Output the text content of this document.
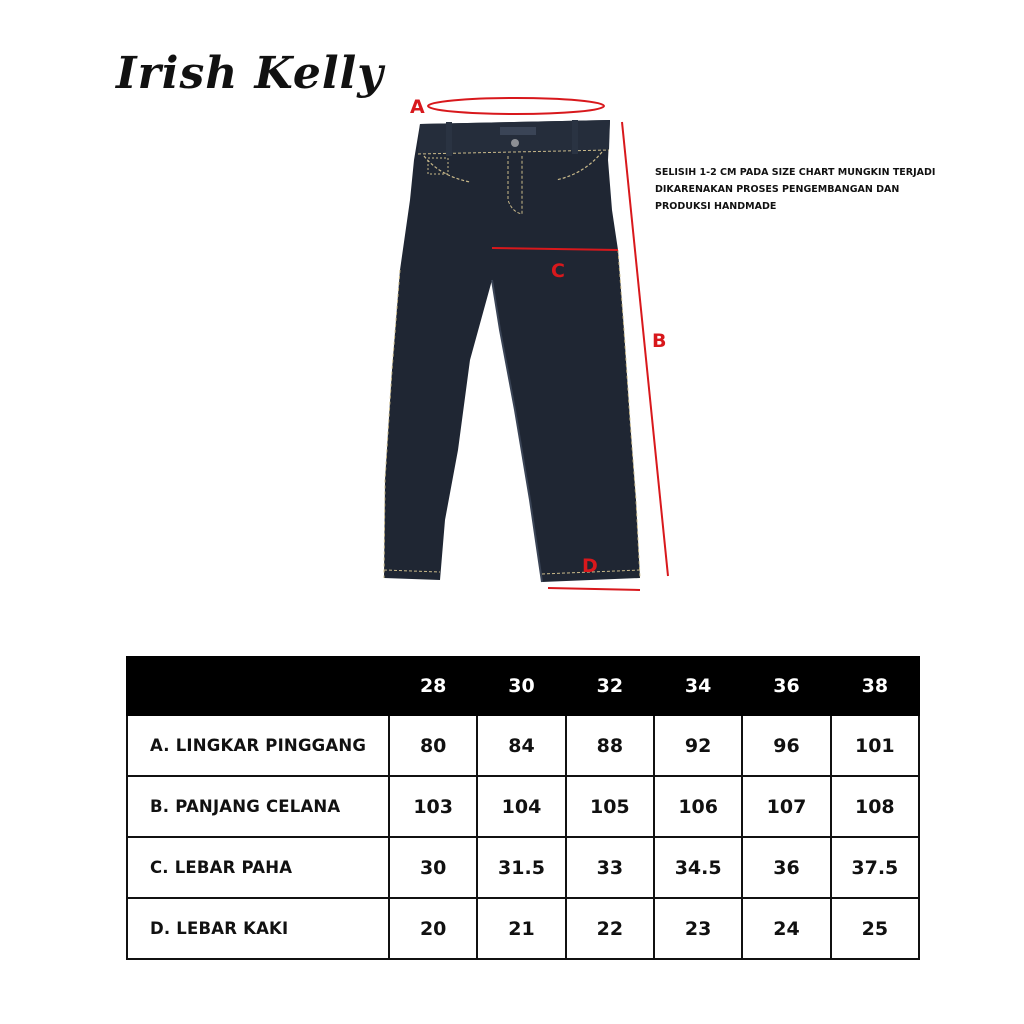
Irish Kelly

SELISIH 1-2 CM PADA SIZE CHART MUNGKIN TERJADI DIKARENAKAN PROSES PENGEMBANGAN DAN PRODUKSI HANDMADE

A
C
B
D
	28	30	32	34	36	38
A. LINGKAR PINGGANG	80	84	88	92	96	101
B. PANJANG CELANA	103	104	105	106	107	108
C. LEBAR PAHA	30	31.5	33	34.5	36	37.5
D. LEBAR KAKI	20	21	22	23	24	25
